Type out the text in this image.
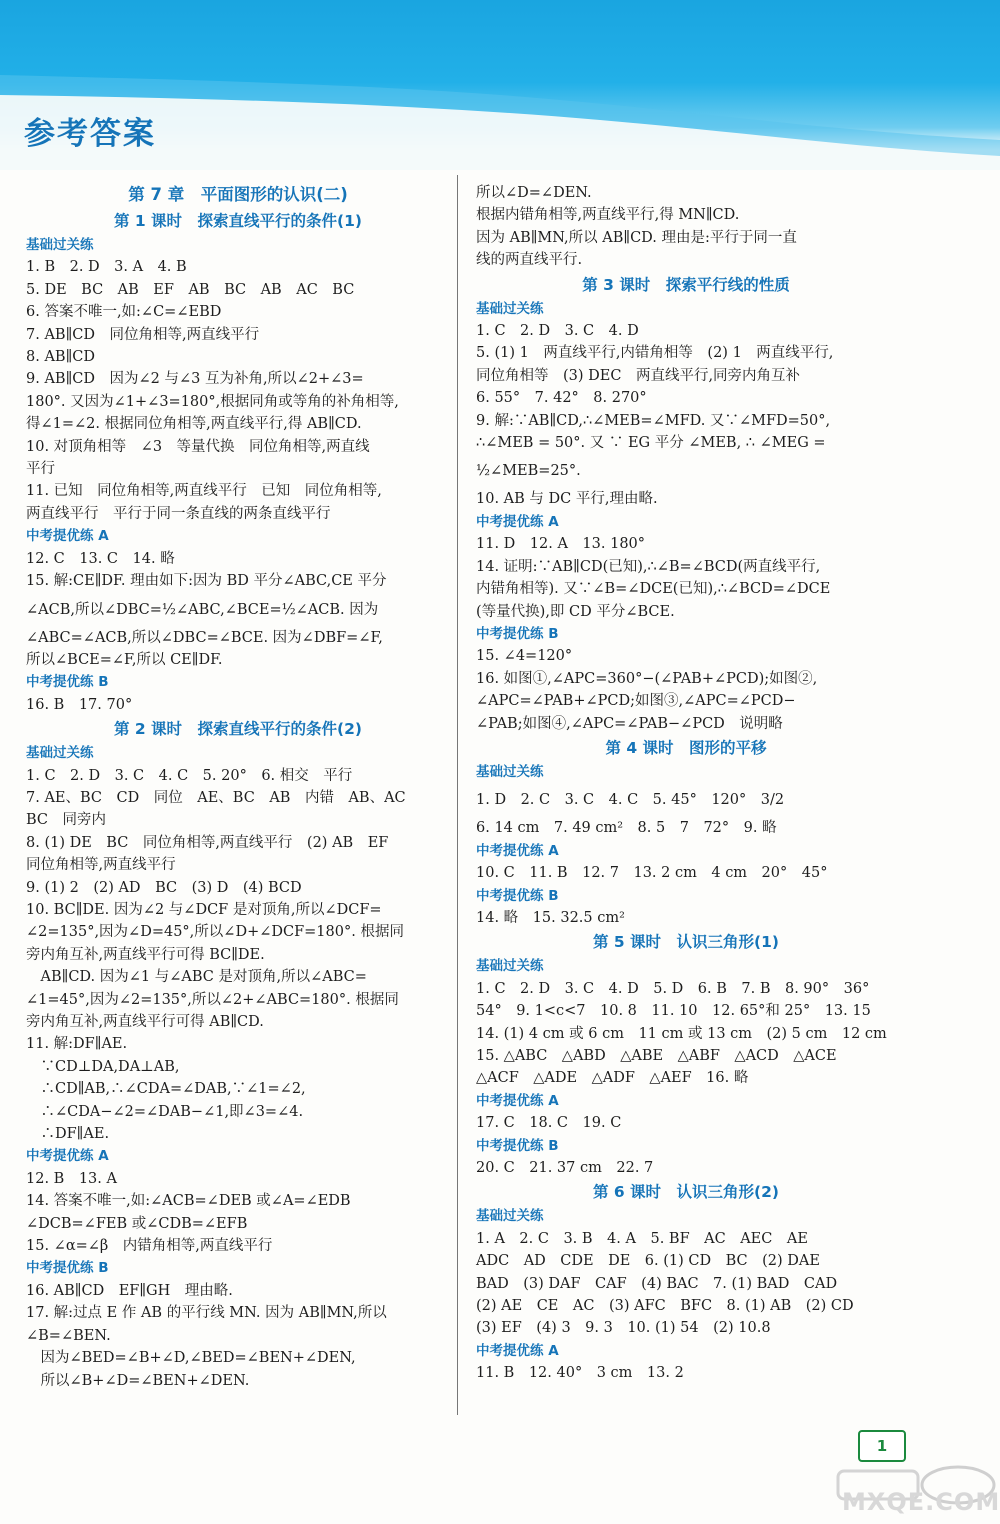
参考答案
第 7 章　平面图形的认识(二)
第 1 课时　探索直线平行的条件(1)
基础过关练
1. B　2. D　3. A　4. B
5. DE　BC　AB　EF　AB　BC　AB　AC　BC
6. 答案不唯一,如:∠C=∠EBD
7. AB∥CD　同位角相等,两直线平行
8. AB∥CD
9. AB∥CD　因为∠2 与∠3 互为补角,所以∠2+∠3=
180°. 又因为∠1+∠3=180°,根据同角或等角的补角相等,
得∠1=∠2. 根据同位角相等,两直线平行,得 AB∥CD.
10. 对顶角相等　∠3　等量代换　同位角相等,两直线
平行
11. 已知　同位角相等,两直线平行　已知　同位角相等,
两直线平行　平行于同一条直线的两条直线平行
中考提优练 A
12. C　13. C　14. 略
15. 解:CE∥DF. 理由如下:因为 BD 平分∠ABC,CE 平分
∠ACB,所以∠DBC=½∠ABC,∠BCE=½∠ACB. 因为
∠ABC=∠ACB,所以∠DBC=∠BCE. 因为∠DBF=∠F,
所以∠BCE=∠F,所以 CE∥DF.
中考提优练 B
16. B　17. 70°
第 2 课时　探索直线平行的条件(2)
基础过关练
1. C　2. D　3. C　4. C　5. 20°　6. 相交　平行
7. AE、BC　CD　同位　AE、BC　AB　内错　AB、AC
BC　同旁内
8. (1) DE　BC　同位角相等,两直线平行　(2) AB　EF
同位角相等,两直线平行
9. (1) 2　(2) AD　BC　(3) D　(4) BCD
10. BC∥DE. 因为∠2 与∠DCF 是对顶角,所以∠DCF=
∠2=135°,因为∠D=45°,所以∠D+∠DCF=180°. 根据同
旁内角互补,两直线平行可得 BC∥DE.
　AB∥CD. 因为∠1 与∠ABC 是对顶角,所以∠ABC=
∠1=45°,因为∠2=135°,所以∠2+∠ABC=180°. 根据同
旁内角互补,两直线平行可得 AB∥CD.
11. 解:DF∥AE.
　∵CD⊥DA,DA⊥AB,
　∴CD∥AB,∴∠CDA=∠DAB,∵∠1=∠2,
　∴∠CDA−∠2=∠DAB−∠1,即∠3=∠4.
　∴DF∥AE.
中考提优练 A
12. B　13. A
14. 答案不唯一,如:∠ACB=∠DEB 或∠A=∠EDB
∠DCB=∠FEB 或∠CDB=∠EFB
15. ∠α=∠β　内错角相等,两直线平行
中考提优练 B
16. AB∥CD　EF∥GH　理由略.
17. 解:过点 E 作 AB 的平行线 MN. 因为 AB∥MN,所以
∠B=∠BEN.
　因为∠BED=∠B+∠D,∠BED=∠BEN+∠DEN,
　所以∠B+∠D=∠BEN+∠DEN.
所以∠D=∠DEN.
根据内错角相等,两直线平行,得 MN∥CD.
因为 AB∥MN,所以 AB∥CD. 理由是:平行于同一直
线的两直线平行.
第 3 课时　探索平行线的性质
基础过关练
1. C　2. D　3. C　4. D
5. (1) 1　两直线平行,内错角相等　(2) 1　两直线平行,
同位角相等　(3) DEC　两直线平行,同旁内角互补
6. 55°　7. 42°　8. 270°
9. 解:∵AB∥CD,∴∠MEB=∠MFD. 又∵∠MFD=50°,
∴∠MEB = 50°. 又 ∵ EG 平分 ∠MEB, ∴ ∠MEG =
½∠MEB=25°.
10. AB 与 DC 平行,理由略.
中考提优练 A
11. D　12. A　13. 180°
14. 证明:∵AB∥CD(已知),∴∠B=∠BCD(两直线平行,
内错角相等). 又∵∠B=∠DCE(已知),∴∠BCD=∠DCE
(等量代换),即 CD 平分∠BCE.
中考提优练 B
15. ∠4=120°
16. 如图①,∠APC=360°−(∠PAB+∠PCD);如图②,
∠APC=∠PAB+∠PCD;如图③,∠APC=∠PCD−
∠PAB;如图④,∠APC=∠PAB−∠PCD　说明略
第 4 课时　图形的平移
基础过关练
1. D　2. C　3. C　4. C　5. 45°　120°　3/2
6. 14 cm　7. 49 cm²　8. 5　7　72°　9. 略
中考提优练 A
10. C　11. B　12. 7　13. 2 cm　4 cm　20°　45°
中考提优练 B
14. 略　15. 32.5 cm²
第 5 课时　认识三角形(1)
基础过关练
1. C　2. D　3. C　4. D　5. D　6. B　7. B　8. 90°　36°
54°　9. 1<c<7　10. 8　11. 10　12. 65°和 25°　13. 15
14. (1) 4 cm 或 6 cm　11 cm 或 13 cm　(2) 5 cm　12 cm
15. △ABC　△ABD　△ABE　△ABF　△ACD　△ACE
△ACF　△ADE　△ADF　△AEF　16. 略
中考提优练 A
17. C　18. C　19. C
中考提优练 B
20. C　21. 37 cm　22. 7
第 6 课时　认识三角形(2)
基础过关练
1. A　2. C　3. B　4. A　5. BF　AC　AEC　AE
ADC　AD　CDE　DE　6. (1) CD　BC　(2) DAE
BAD　(3) DAF　CAF　(4) BAC　7. (1) BAD　CAD
(2) AE　CE　AC　(3) AFC　BFC　8. (1) AB　(2) CD
(3) EF　(4) 3　9. 3　10. (1) 54　(2) 10.8
中考提优练 A
11. B　12. 40°　3 cm　13. 2
1
MXQE.COM
